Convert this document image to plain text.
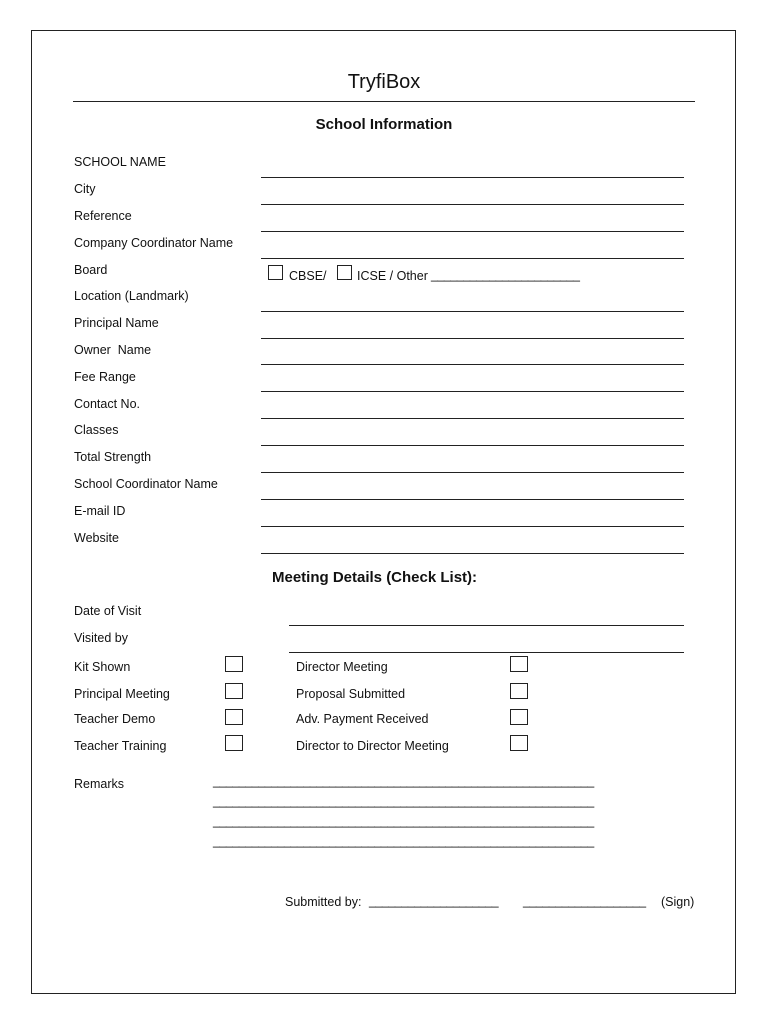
TryfiBox
School Information
SCHOOL NAME
City
Reference
Company Coordinator Name
Board
Location (Landmark)
Principal Name
Owner  Name
Fee Range
Contact No.
Classes
Total Strength
School Coordinator Name
E-mail ID
Website
CBSE / ICSE / Other _______________________
Meeting Details (Check List):
Date of Visit
Visited by
Kit Shown
Principal Meeting
Teacher Demo
Teacher Training
Director Meeting
Proposal Submitted
Adv. Payment Received
Director to Director Meeting
Remarks	___________________________________________________________
___________________________________________________________
___________________________________________________________
___________________________________________________________
Submitted by: ____________________ ___________________ (Sign)
